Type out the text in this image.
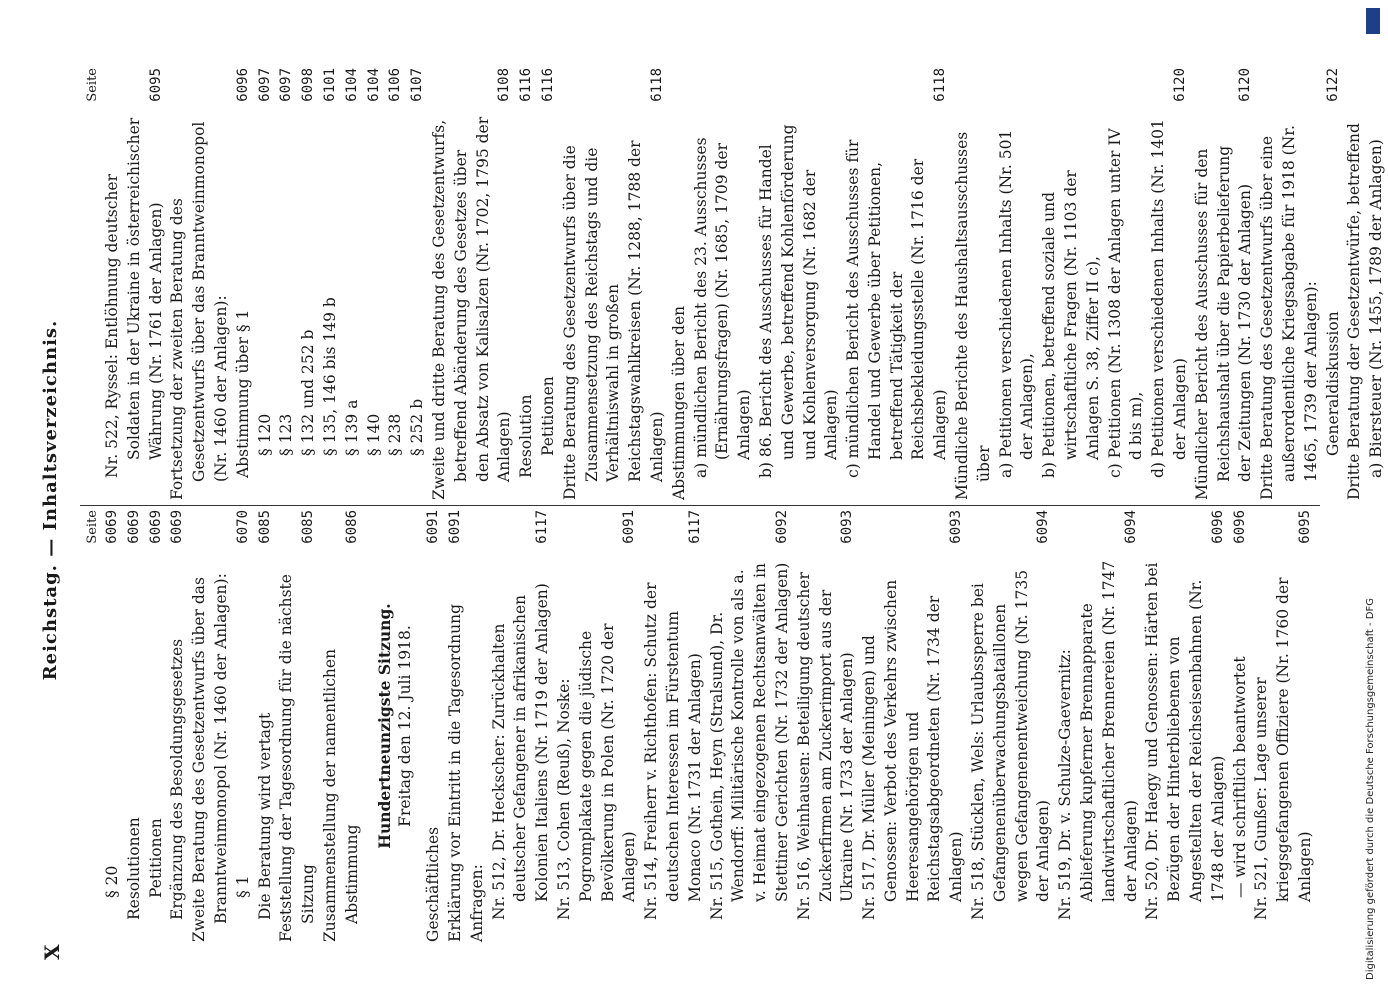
X
Reichstag. — Inhaltsverzeichnis. Seite
§ 20
6069
Resolutionen
6069
Petitionen
6069
Ergänzung des Besoldungsgesetzes
6069
Zweite Beratung des Gesetzentwurfs über das Branntweinmonopol (Nr. 1460 der Anlagen): § 1
6070
Die Beratung wird vertagt
6085
Feststellung der Tagesordnung für die nächste Sitzung
6085
Zusammenstellung der namentlichen Abstimmung
6086
Hundertneunzigste Sitzung. Freitag den 12. Juli 1918.
Geschäftliches
6091
Erklärung vor Eintritt in die Tagesordnung
6091
Anfragen: Nr. 512, Dr. Heckscher: Zurückhalten deutscher Gefangener in afrikanischen Kolonien Italiens (Nr. 1719 der Anlagen)
6117
Nr. 513, Cohen (Reuß), Noske: Pogromplakate gegen die jüdische Bevölkerung in Polen (Nr. 1720 der Anlagen)
6091
Nr. 514, Freiherr v. Richthofen: Schutz der deutschen Interessen im Fürstentum Monaco (Nr. 1731 der Anlagen)
6117
Nr. 515, Gothein, Heyn (Stralsund), Dr. Wendorff: Militärische Kontrolle von als a. v. Heimat eingezogenen Rechtsanwälten in Stettiner Gerichten (Nr. 1732 der Anlagen)
6092
Nr. 516, Weinhausen: Beteiligung deutscher Zuckerfirmen am Zuckerimport aus der Ukraine (Nr. 1733 der Anlagen)
6093
Nr. 517, Dr. Müller (Meiningen) und Genossen: Verbot des Verkehrs zwischen Heeresangehörigen und Reichstagsabgeordneten (Nr. 1734 der Anlagen)
6093
Nr. 518, Stücklen, Wels: Urlaubssperre bei Gefangenenüberwachungsbataillonen wegen Gefangenenentweichung (Nr. 1735 der Anlagen)
6094
Nr. 519, Dr. v. Schulze-Gaevernitz: Ablieferung kupferner Brennapparate landwirtschaftlicher Brennereien (Nr. 1747 der Anlagen)
6094
Nr. 520, Dr. Haegy und Genossen: Härten bei Bezügen der Hinterbliebenen von Angestellten der Reichseisenbahnen (Nr. 1748 der Anlagen)
6096
— wird schriftlich beantwortet
6096
Nr. 521, Gunßer: Lage unserer kriegsgefangenen Offiziere (Nr. 1760 der Anlagen)
6095
Seite
Nr. 522, Ryssel: Entlöhnung deutscher Soldaten in der Ukraine in österreichischer Währung (Nr. 1761 der Anlagen)
6095
Fortsetzung der zweiten Beratung des Gesetzentwurfs über das Branntweinmonopol (Nr. 1460 der Anlagen): Abstimmung über § 1
6096
§ 120
6097
§ 123
6097
§ 132 und 252 b
6098
§ 135, 146 bis 149 b
6101
§ 139 a
6104
§ 140
6104
§ 238
6106
§ 252 b
6107
Zweite und dritte Beratung des Gesetzentwurfs, betreffend Abänderung des Gesetzes über den Absatz von Kalisalzen (Nr. 1702, 1795 der Anlagen)
6108
Resolution
6116
Petitionen
6116
Dritte Beratung des Gesetzentwurfs über die Zusammensetzung des Reichstags und die Verhältniswahl in großen Reichstagswahlkreisen (Nr. 1288, 1788 der Anlagen)
6118
Abstimmungen über den a) mündlichen Bericht des 23. Ausschusses (Ernährungsfragen) (Nr. 1685, 1709 der Anlagen) b) 86. Bericht des Ausschusses für Handel und Gewerbe, betreffend Kohlenförderung und Kohlenversorgung (Nr. 1682 der Anlagen) c) mündlichen Bericht des Ausschusses für Handel und Gewerbe über Petitionen, betreffend Tätigkeit der Reichsbekleidungsstelle (Nr. 1716 der Anlagen)
6118
Mündliche Berichte des Haushaltsausschusses über a) Petitionen verschiedenen Inhalts (Nr. 501 der Anlagen), b) Petitionen, betreffend soziale und wirtschaftliche Fragen (Nr. 1103 der Anlagen S. 38, Ziffer II c), c) Petitionen (Nr. 1308 der Anlagen unter IV d bis m), d) Petitionen verschiedenen Inhalts (Nr. 1401 der Anlagen)
6120
Mündlicher Bericht des Ausschusses für den Reichshaushalt über die Papierbelieferung der Zeitungen (Nr. 1730 der Anlagen)
6120
Dritte Beratung des Gesetzentwurfs über eine außerordentliche Kriegsabgabe für 1918 (Nr. 1465, 1739 der Anlagen): Generaldiskussion
6122
Dritte Beratung der Gesetzentwürfe, betreffend a) Biersteuer (Nr. 1455, 1789 der Anlagen)
Digitalisierung gefördert durch die Deutsche Forschungsgemeinschaft - DFG
